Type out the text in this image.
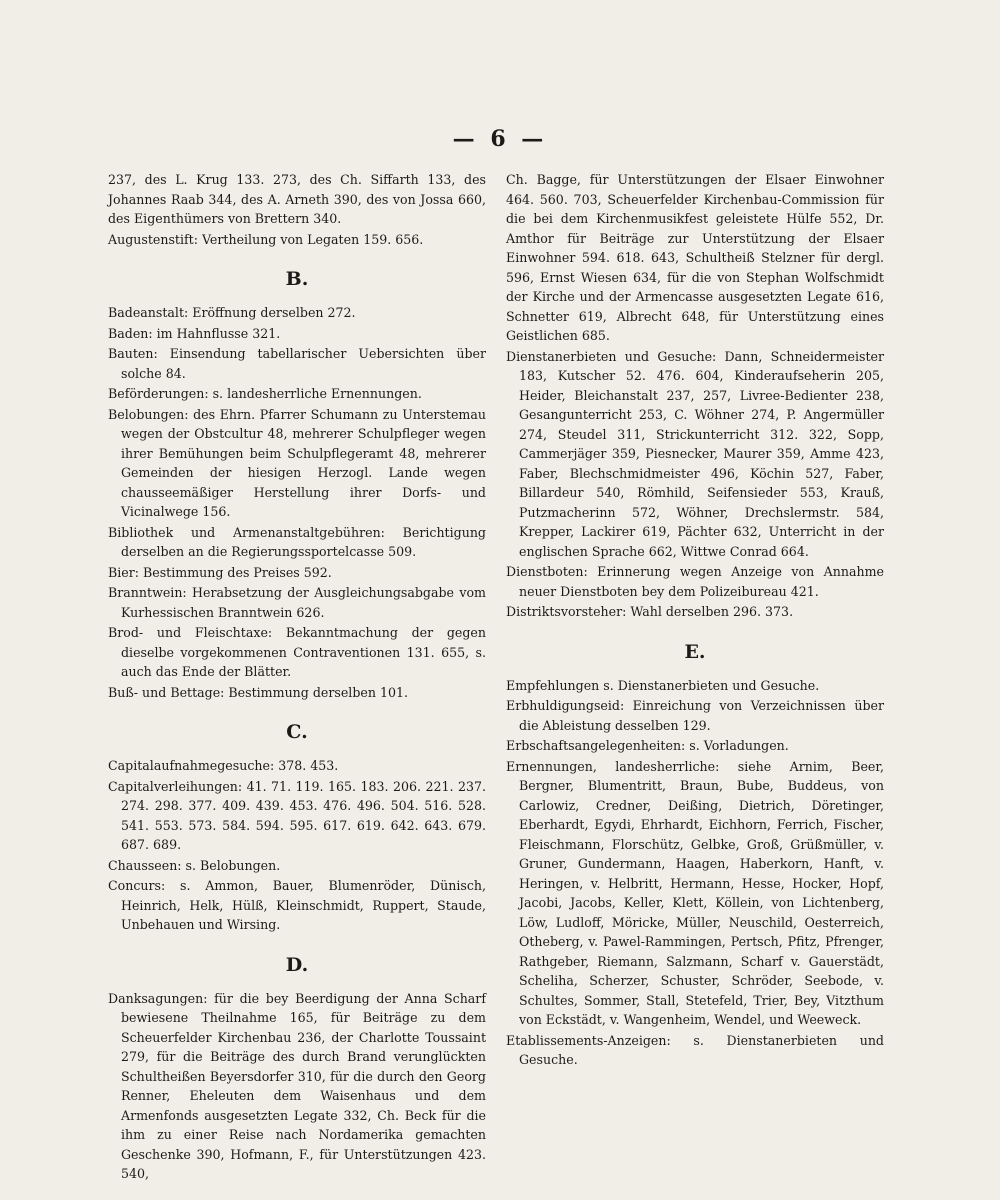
— 6 —
237, des L. Krug 133. 273, des Ch. Siffarth 133, des Johannes Raab 344, des A. Arneth 390, des von Jossa 660, des Eigenthümers von Brettern 340.
Augustenstift: Vertheilung von Legaten 159. 656.
B.
Badeanstalt: Eröffnung derselben 272.
Baden: im Hahnflusse 321.
Bauten: Einsendung tabellarischer Uebersichten über solche 84.
Beförderungen: s. landesherrliche Ernennungen.
Belobungen: des Ehrn. Pfarrer Schumann zu Unterstemau wegen der Obstcultur 48, mehrerer Schulpfleger wegen ihrer Bemühungen beim Schulpflegeramt 48, mehrerer Gemeinden der hiesigen Herzogl. Lande wegen chausseemäßiger Herstellung ihrer Dorfs- und Vicinalwege 156.
Bibliothek und Armenanstaltgebühren: Berichtigung derselben an die Regierungssportelcasse 509.
Bier: Bestimmung des Preises 592.
Branntwein: Herabsetzung der Ausgleichungsabgabe vom Kurhessischen Branntwein 626.
Brod- und Fleischtaxe: Bekanntmachung der gegen dieselbe vorgekommenen Contraventionen 131. 655, s. auch das Ende der Blätter.
Buß- und Bettage: Bestimmung derselben 101.
C.
Capitalaufnahmegesuche: 378. 453.
Capitalverleihungen: 41. 71. 119. 165. 183. 206. 221. 237. 274. 298. 377. 409. 439. 453. 476. 496. 504. 516. 528. 541. 553. 573. 584. 594. 595. 617. 619. 642. 643. 679. 687. 689.
Chausseen: s. Belobungen.
Concurs: s. Ammon, Bauer, Blumenröder, Dünisch, Heinrich, Helk, Hülß, Kleinschmidt, Ruppert, Staude, Unbehauen und Wirsing.
D.
Danksagungen: für die bey Beerdigung der Anna Scharf bewiesene Theilnahme 165, für Beiträge zu dem Scheuerfelder Kirchenbau 236, der Charlotte Toussaint 279, für die Beiträge des durch Brand verunglückten Schultheißen Beyersdorfer 310, für die durch den Georg Renner, Eheleuten dem Waisenhaus und dem Armenfonds ausgesetzten Legate 332, Ch. Beck für die ihm zu einer Reise nach Nordamerika gemachten Geschenke 390, Hofmann, F., für Unterstützungen 423. 540,
Ch. Bagge, für Unterstützungen der Elsaer Einwohner 464. 560. 703, Scheuerfelder Kirchenbau-Commission für die bei dem Kirchenmusikfest geleistete Hülfe 552, Dr. Amthor für Beiträge zur Unterstützung der Elsaer Einwohner 594. 618. 643, Schultheiß Stelzner für dergl. 596, Ernst Wiesen 634, für die von Stephan Wolfschmidt der Kirche und der Armencasse ausgesetzten Legate 616, Schnetter 619, Albrecht 648, für Unterstützung eines Geistlichen 685.
Dienstanerbieten und Gesuche: Dann, Schneidermeister 183, Kutscher 52. 476. 604, Kinderaufseherin 205, Heider, Bleichanstalt 237, 257, Livree-Bedienter 238, Gesangunterricht 253, C. Wöhner 274, P. Angermüller 274, Steudel 311, Strickunterricht 312. 322, Sopp, Cammerjäger 359, Piesnecker, Maurer 359, Amme 423, Faber, Blechschmidmeister 496, Köchin 527, Faber, Billardeur 540, Römhild, Seifensieder 553, Krauß, Putzmacherinn 572, Wöhner, Drechslermstr. 584, Krepper, Lackirer 619, Pächter 632, Unterricht in der englischen Sprache 662, Wittwe Conrad 664.
Dienstboten: Erinnerung wegen Anzeige von Annahme neuer Dienstboten bey dem Polizeibureau 421.
Distriktsvorsteher: Wahl derselben 296. 373.
E.
Empfehlungen s. Dienstanerbieten und Gesuche.
Erbhuldigungseid: Einreichung von Verzeichnissen über die Ableistung desselben 129.
Erbschaftsangelegenheiten: s. Vorladungen.
Ernennungen, landesherrliche: siehe Arnim, Beer, Bergner, Blumentritt, Braun, Bube, Buddeus, von Carlowiz, Credner, Deißing, Dietrich, Döretinger, Eberhardt, Egydi, Ehrhardt, Eichhorn, Ferrich, Fischer, Fleischmann, Florschütz, Gelbke, Groß, Grüßmüller, v. Gruner, Gundermann, Haagen, Haberkorn, Hanft, v. Heringen, v. Helbritt, Hermann, Hesse, Hocker, Hopf, Jacobi, Jacobs, Keller, Klett, Köllein, von Lichtenberg, Löw, Ludloff, Möricke, Müller, Neuschild, Oesterreich, Otheberg, v. Pawel-Rammingen, Pertsch, Pfitz, Pfrenger, Rathgeber, Riemann, Salzmann, Scharf v. Gauerstädt, Scheliha, Scherzer, Schuster, Schröder, Seebode, v. Schultes, Sommer, Stall, Stetefeld, Trier, Bey, Vitzthum von Eckstädt, v. Wangenheim, Wendel, und Weeweck.
Etablissements-Anzeigen: s. Dienstanerbieten und Gesuche.
